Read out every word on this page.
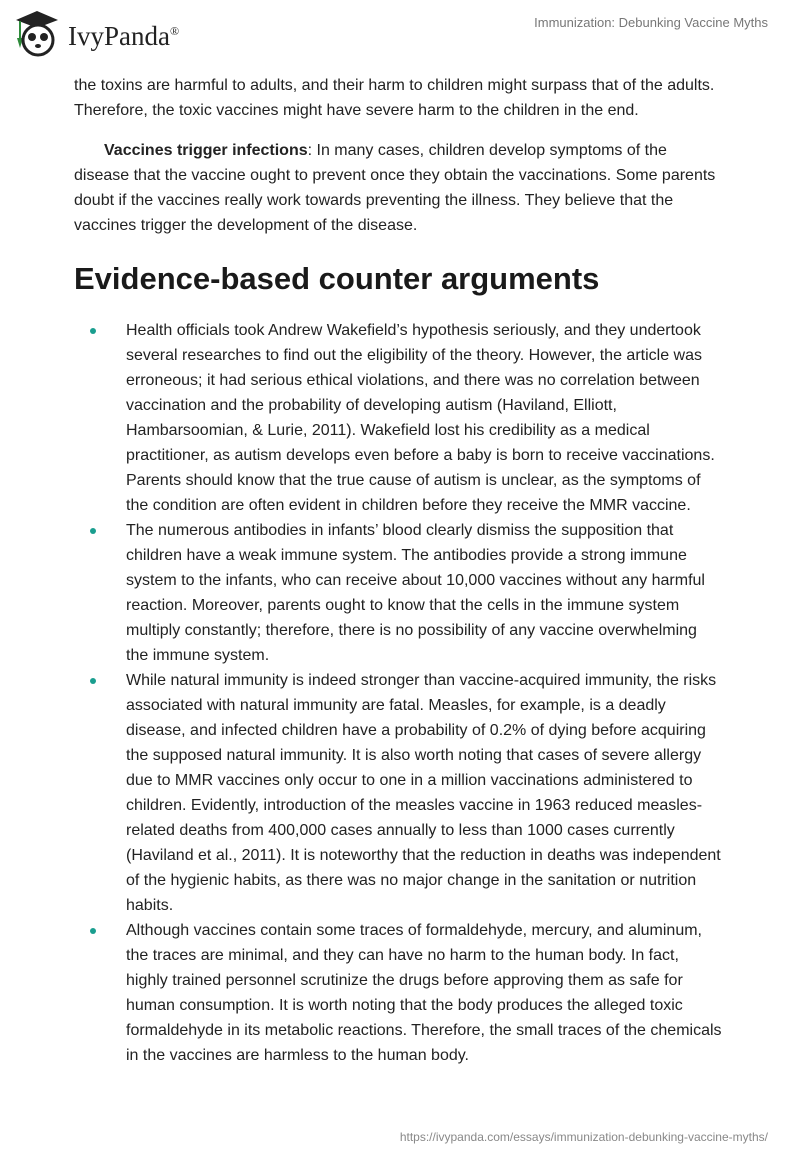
IvyPanda®
Immunization: Debunking Vaccine Myths

the toxins are harmful to adults, and their harm to children might surpass that of the adults. Therefore, the toxic vaccines might have severe harm to the children in the end.

Vaccines trigger infections: In many cases, children develop symptoms of the disease that the vaccine ought to prevent once they obtain the vaccinations. Some parents doubt if the vaccines really work towards preventing the illness. They believe that the vaccines trigger the development of the disease.

Evidence-based counter arguments
Health officials took Andrew Wakefield’s hypothesis seriously, and they undertook several researches to find out the eligibility of the theory. However, the article was erroneous; it had serious ethical violations, and there was no correlation between vaccination and the probability of developing autism (Haviland, Elliott, Hambarsoomian, & Lurie, 2011). Wakefield lost his credibility as a medical practitioner, as autism develops even before a baby is born to receive vaccinations. Parents should know that the true cause of autism is unclear, as the symptoms of the condition are often evident in children before they receive the MMR vaccine.
The numerous antibodies in infants’ blood clearly dismiss the supposition that children have a weak immune system. The antibodies provide a strong immune system to the infants, who can receive about 10,000 vaccines without any harmful reaction. Moreover, parents ought to know that the cells in the immune system multiply constantly; therefore, there is no possibility of any vaccine overwhelming the immune system.
While natural immunity is indeed stronger than vaccine-acquired immunity, the risks associated with natural immunity are fatal. Measles, for example, is a deadly disease, and infected children have a probability of 0.2% of dying before acquiring the supposed natural immunity. It is also worth noting that cases of severe allergy due to MMR vaccines only occur to one in a million vaccinations administered to children. Evidently, introduction of the measles vaccine in 1963 reduced measles-related deaths from 400,000 cases annually to less than 1000 cases currently (Haviland et al., 2011). It is noteworthy that the reduction in deaths was independent of the hygienic habits, as there was no major change in the sanitation or nutrition habits.
Although vaccines contain some traces of formaldehyde, mercury, and aluminum, the traces are minimal, and they can have no harm to the human body. In fact, highly trained personnel scrutinize the drugs before approving them as safe for human consumption. It is worth noting that the body produces the alleged toxic formaldehyde in its metabolic reactions. Therefore, the small traces of the chemicals in the vaccines are harmless to the human body.
https://ivypanda.com/essays/immunization-debunking-vaccine-myths/
